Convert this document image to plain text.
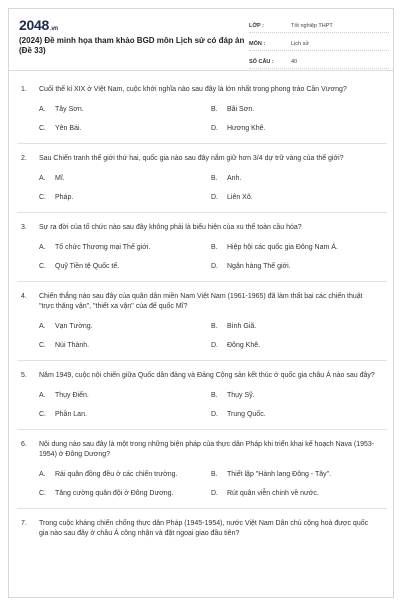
2048.vn
(2024) Đề minh họa tham khảo BGD môn Lịch sử có đáp án (Đề 33)
LỚP :	Tốt nghiệp THPT
MÔN :	Lịch sử
SỐ CÂU :	40
1.	Cuối thế kỉ XIX ở Việt Nam, cuộc khởi nghĩa nào sau đây là lớn nhất trong phong trào Cần Vương?
A.	Tây Sơn.	B.	Bãi Sơn.
C.	Yên Bái.	D.	Hương Khê.
2.	Sau Chiến tranh thế giới thứ hai, quốc gia nào sau đây nắm giữ hơn 3/4 dự trữ vàng của thế giới?
A.	Mĩ.	B.	Anh.
C.	Pháp.	D.	Liên Xô.
3.	Sự ra đời của tổ chức nào sau đây không phải là biểu hiện của xu thế toàn cầu hóa?
A.	Tổ chức Thương mại Thế giới.	B.	Hiệp hội các quốc gia Đông Nam Á.
C.	Quỹ Tiền tệ Quốc tế.	D.	Ngân hàng Thế giới.
4.	Chiến thắng nào sau đây của quân dân miền Nam Việt Nam (1961-1965) đã làm thất bại các chiến thuật "trực thăng vận", "thiết xa vận" của đế quốc Mĩ?
A.	Vạn Tường.	B.	Bình Giã.
C.	Núi Thành.	D.	Đông Khê.
5.	Năm 1949, cuộc nội chiến giữa Quốc dân đảng và Đảng Cộng sản kết thúc ở quốc gia châu Á nào sau đây?
A.	Thụy Điển.	B.	Thụy Sỹ.
C.	Phần Lan.	D.	Trung Quốc.
6.	Nội dung nào sau đây là một trong những biện pháp của thực dân Pháp khi triển khai kế hoạch Nava (1953-1954) ở Đông Dương?
A.	Rải quân đồng đều ở các chiến trường.	B.	Thiết lập "Hành lang Đông - Tây".
C.	Tăng cường quân đội ở Đông Dương.	D.	Rút quân viễn chinh về nước.
7.	Trong cuộc kháng chiến chống thực dân Pháp (1945-1954), nước Việt Nam Dân chủ cộng hoà được quốc gia nào sau đây ở châu Á công nhận và đặt ngoại giao đầu tiên?
